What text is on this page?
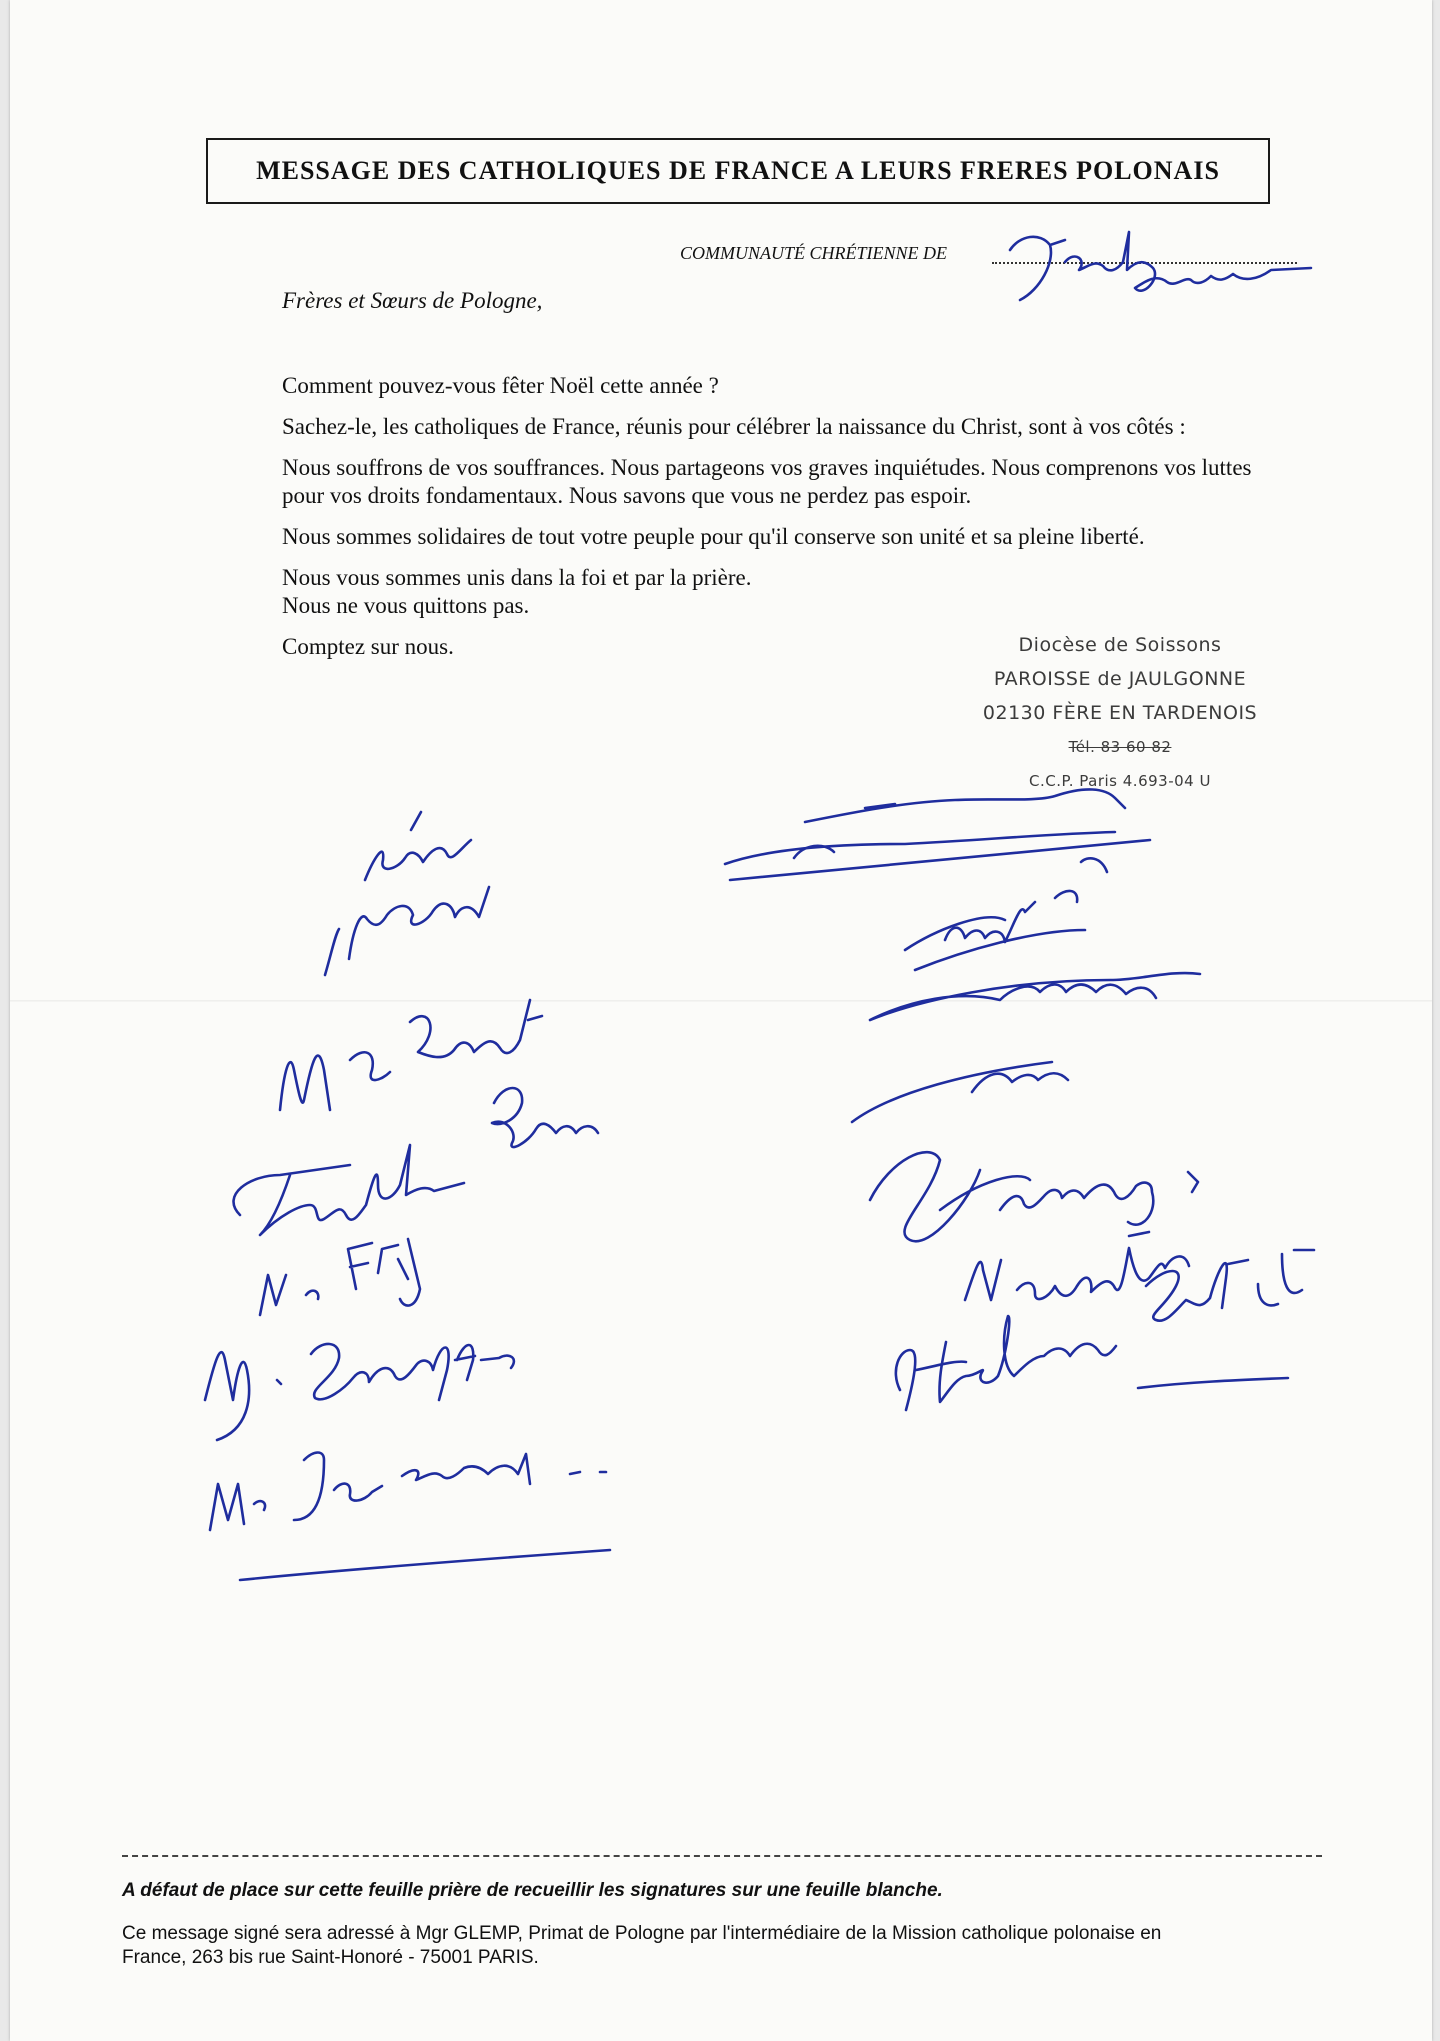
MESSAGE DES CATHOLIQUES DE FRANCE A LEURS FRERES POLONAIS
COMMUNAUTÉ CHRÉTIENNE DE
Frères et Sœurs de Pologne,

Comment pouvez-vous fêter Noël cette année ?

Sachez-le, les catholiques de France, réunis pour célébrer la naissance du Christ, sont à vos côtés :

Nous souffrons de vos souffrances. Nous partageons vos graves inquiétudes. Nous comprenons vos luttes pour vos droits fondamentaux. Nous savons que vous ne perdez pas espoir.

Nous sommes solidaires de tout votre peuple pour qu'il conserve son unité et sa pleine liberté.

Nous vous sommes unis dans la foi et par la prière.

Nous ne vous quittons pas.

Comptez sur nous.	Diocèse de Soissons
PAROISSE de JAULGONNE
02130 FÈRE EN TARDENOIS
Tél. 83 60 82
C.C.P. Paris 4.693-04 U
A défaut de place sur cette feuille prière de recueillir les signatures sur une feuille blanche.
Ce message signé sera adressé à Mgr GLEMP, Primat de Pologne par l'intermédiaire de la Mission catholique polonaise en France, 263 bis rue Saint-Honoré - 75001 PARIS.
